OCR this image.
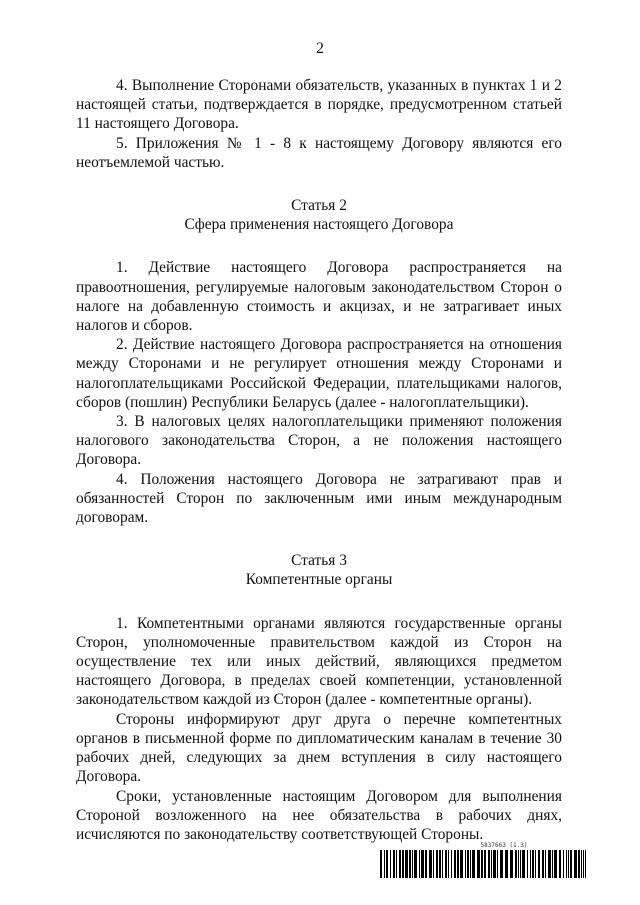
2

4. Выполнение Сторонами обязательств, указанных в пунктах 1 и 2 настоящей статьи, подтверждается в порядке, предусмотренном статьей 11 настоящего Договора.

5. Приложения № 1 - 8 к настоящему Договору являются его неотъемлемой частью.

Статья 2

Сфера применения настоящего Договора

1. Действие настоящего Договора распространяется на правоотношения, регулируемые налоговым законодательством Сторон о налоге на добавленную стоимость и акцизах, и не затрагивает иных налогов и сборов.

2. Действие настоящего Договора распространяется на отношения между Сторонами и не регулирует отношения между Сторонами и налогоплательщиками Российской Федерации, плательщиками налогов, сборов (пошлин) Республики Беларусь (далее - налогоплательщики).

3. В налоговых целях налогоплательщики применяют положения налогового законодательства Сторон, а не положения настоящего Договора.

4. Положения настоящего Договора не затрагивают прав и обязанностей Сторон по заключенным ими иным международным договорам.

Статья 3

Компетентные органы

1. Компетентными органами являются государственные органы Сторон, уполномоченные правительством каждой из Сторон на осуществление тех или иных действий, являющихся предметом настоящего Договора, в пределах своей компетенции, установленной законодательством каждой из Сторон (далее - компетентные органы).

Стороны информируют друг друга о перечне компетентных органов в письменной форме по дипломатическим каналам в течение 30 рабочих дней, следующих за днем вступления в силу настоящего Договора.

Сроки, установленные настоящим Договором для выполнения Стороной возложенного на нее обязательства в рабочих днях, исчисляются по законодательству соответствующей Стороны.

5837663 (1.3)
